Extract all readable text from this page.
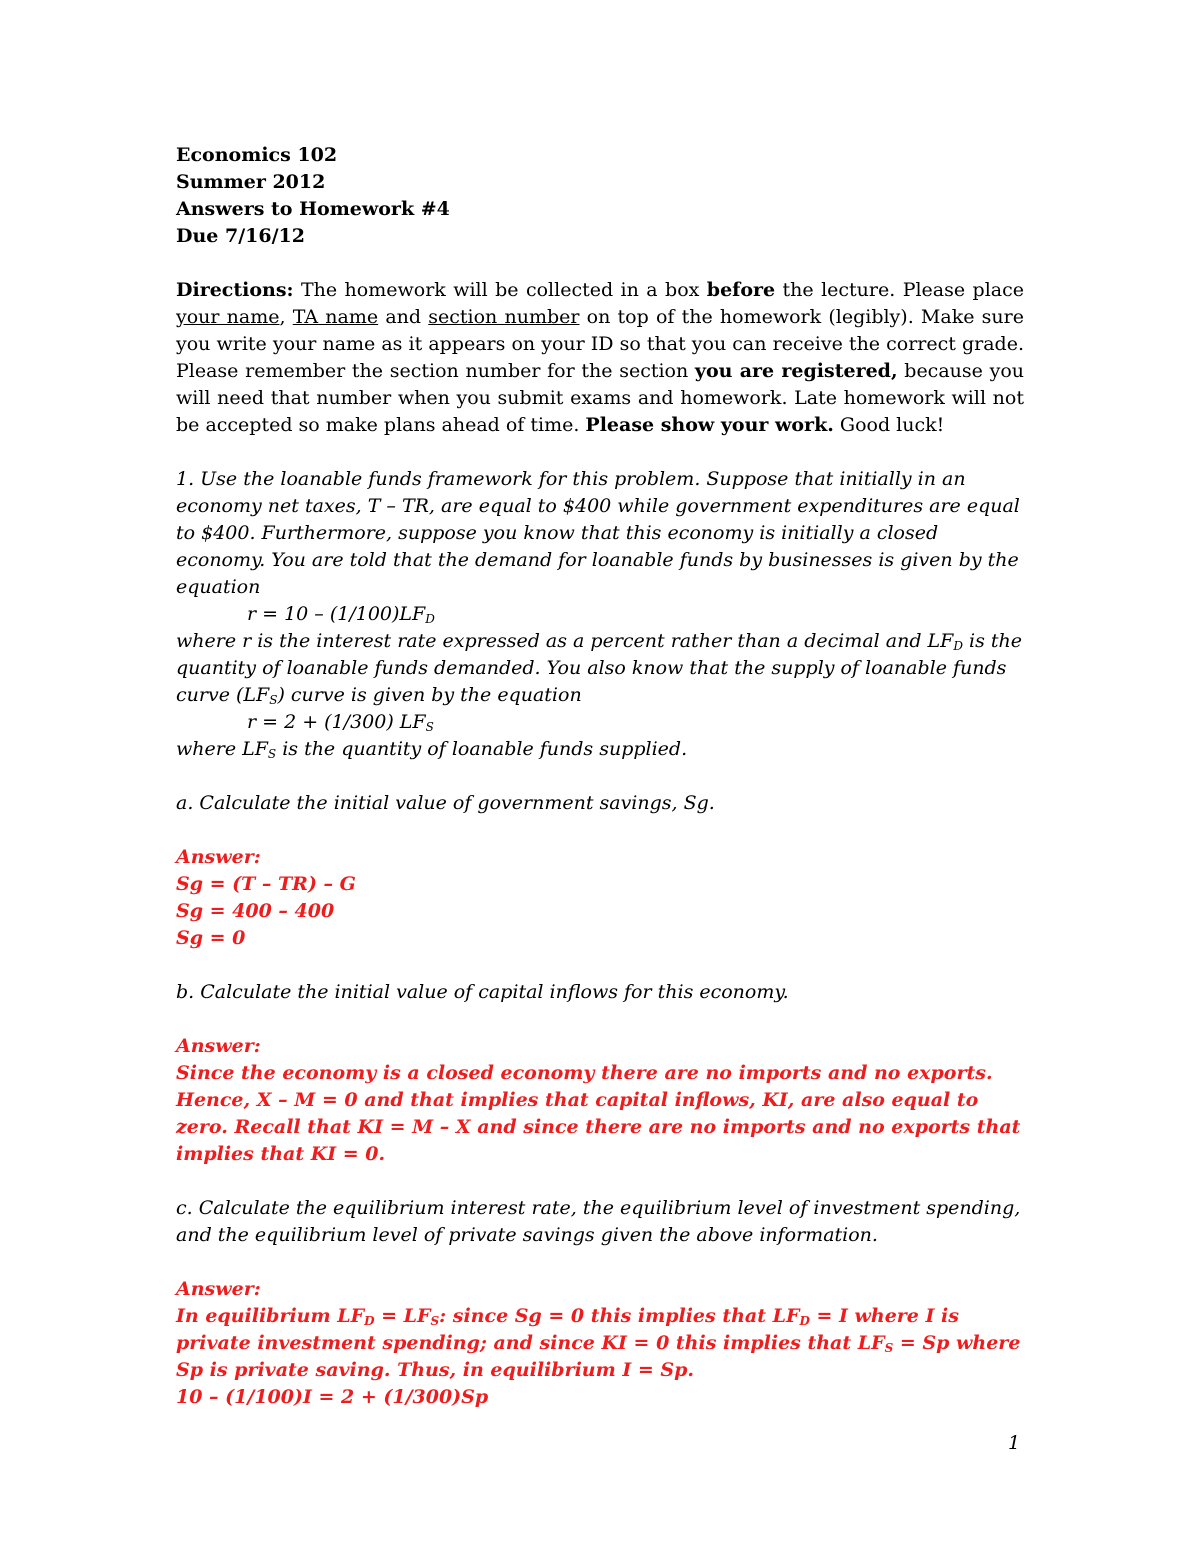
Economics 102
Summer 2012
Answers to Homework #4
Due 7/16/12
Directions: The homework will be collected in a box before the lecture. Please place your name, TA name and section number on top of the homework (legibly). Make sure you write your name as it appears on your ID so that you can receive the correct grade. Please remember the section number for the section you are registered, because you will need that number when you submit exams and homework. Late homework will not be accepted so make plans ahead of time. Please show your work. Good luck!
1. Use the loanable funds framework for this problem. Suppose that initially in an economy net taxes, T – TR, are equal to $400 while government expenditures are equal to $400. Furthermore, suppose you know that this economy is initially a closed economy. You are told that the demand for loanable funds by businesses is given by the equation
$r = 10 - (1/100)LF_D$
where r is the interest rate expressed as a percent rather than a decimal and $LF_D$ is the quantity of loanable funds demanded. You also know that the supply of loanable funds curve $(LF_S)$ curve is given by the equation
r = 2 + (1/300) $LF_S$
where $LF_S$ is the quantity of loanable funds supplied.
a. Calculate the initial value of government savings, Sg.
Answer:
Sg = (T – TR) – G
Sg = 400 – 400
Sg = 0
b. Calculate the initial value of capital inflows for this economy.
Answer:
Since the economy is a closed economy there are no imports and no exports. Hence, X – M = 0 and that implies that capital inflows, KI, are also equal to zero. Recall that KI = M – X and since there are no imports and no exports that implies that KI = 0.
c. Calculate the equilibrium interest rate, the equilibrium level of investment spending, and the equilibrium level of private savings given the above information.
Answer:
In equilibrium $LF_D = LF_S$: since Sg = 0 this implies that $LF_D = I$ where I is private investment spending; and since KI = 0 this implies that $LF_S = Sp$ where Sp is private saving. Thus, in equilibrium I = Sp.
10 – (1/100)I = 2 + (1/300)Sp
1
